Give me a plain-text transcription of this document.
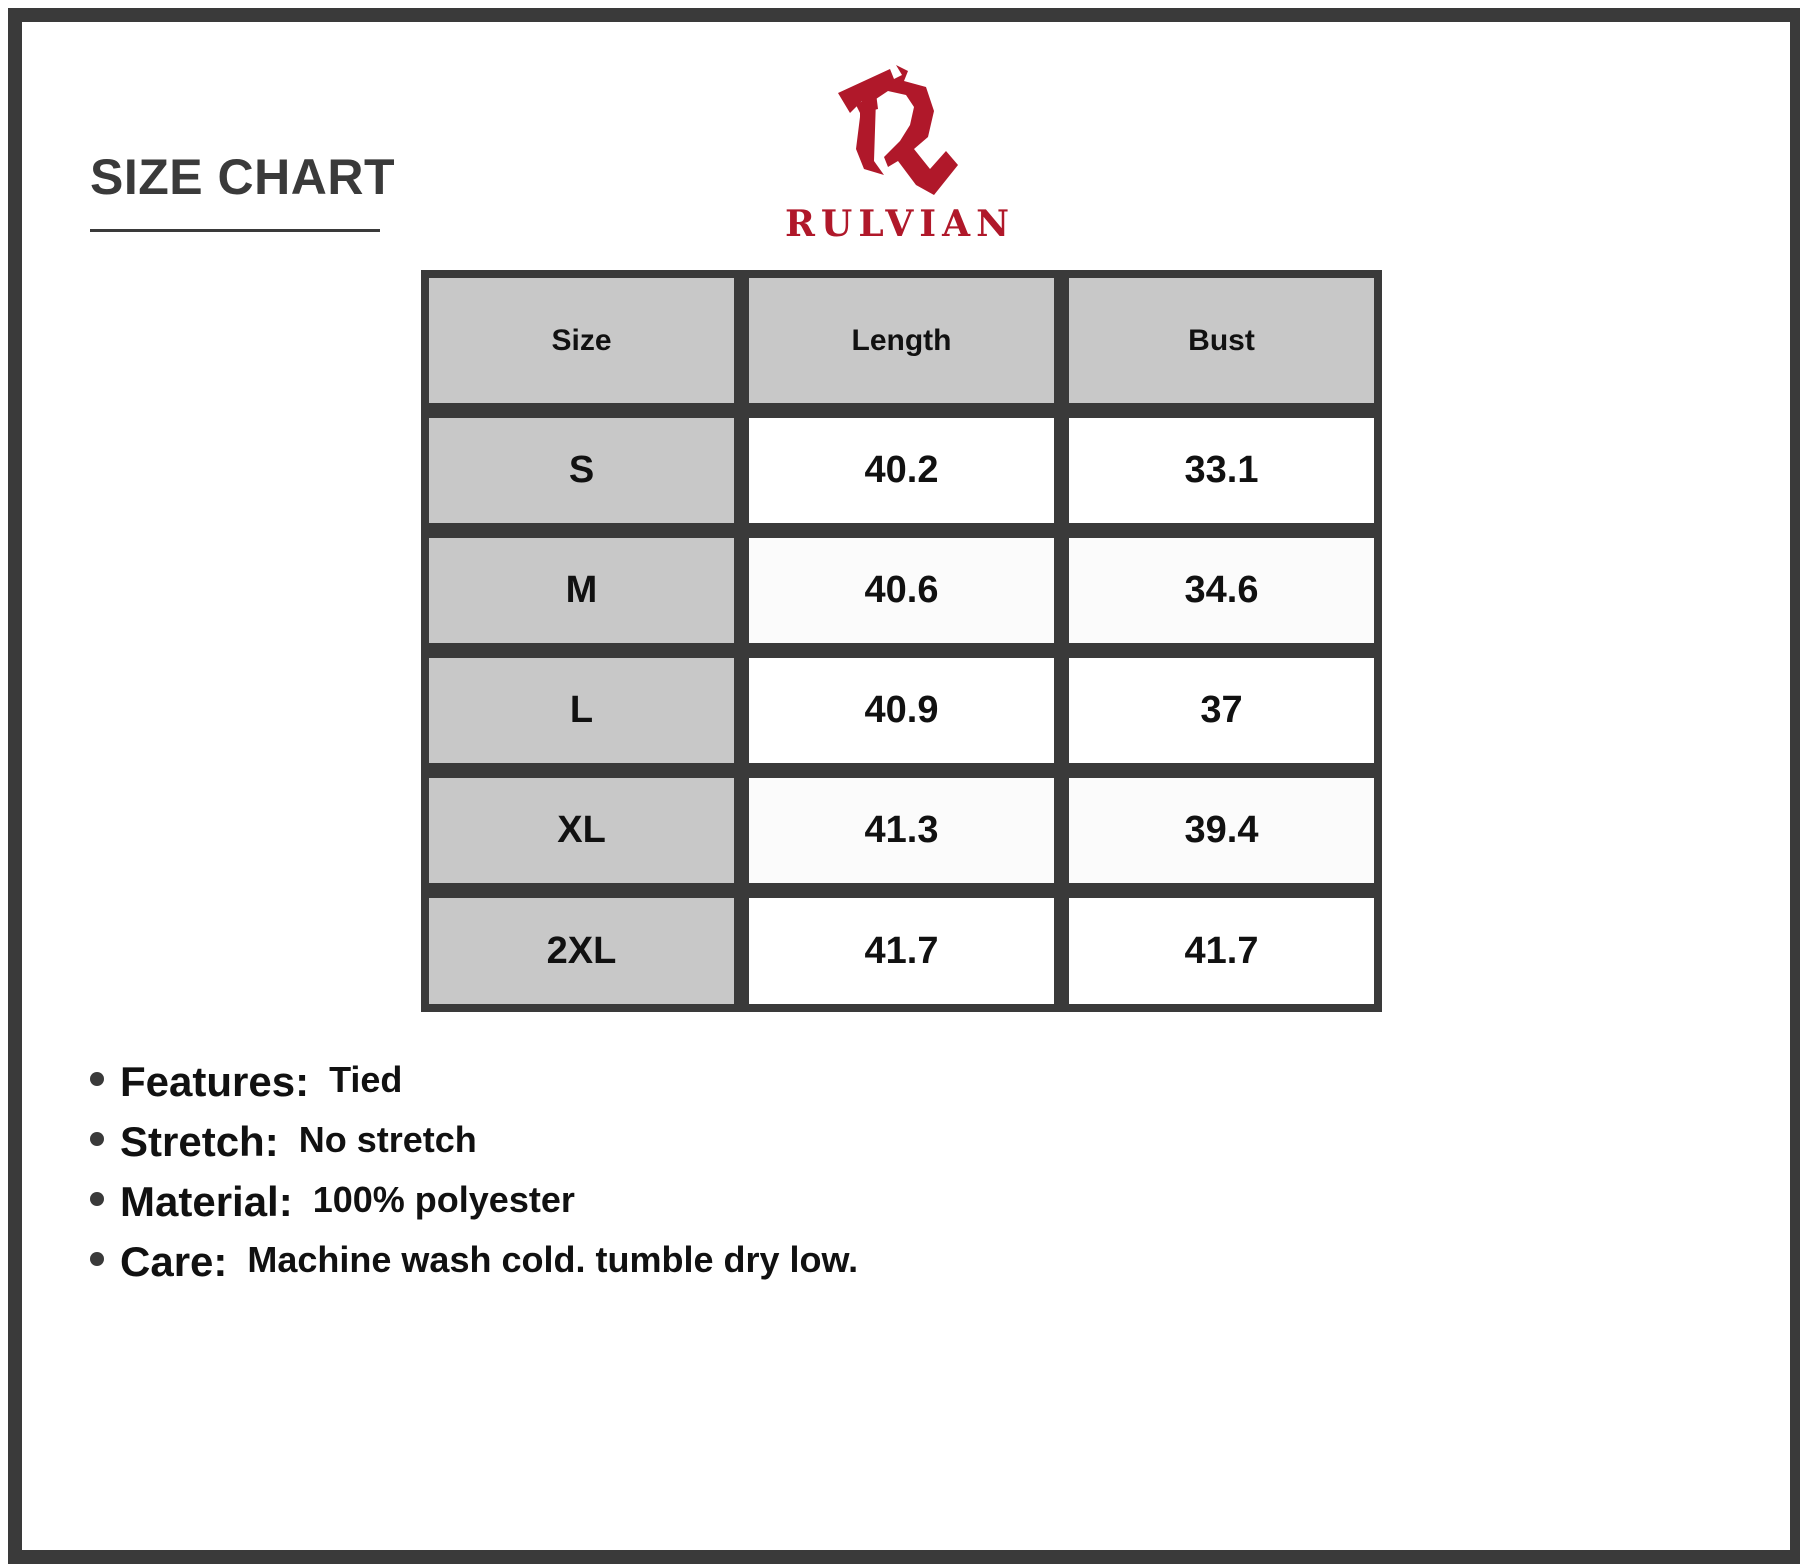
SIZE CHART
RULVIAN
Size	Length	Bust
S	40.2	33.1
M	40.6	34.6
L	40.9	37
XL	41.3	39.4
2XL	41.7	41.7
Features: Tied
Stretch: No stretch
Material: 100% polyester
Care: Machine wash cold. tumble dry low.
